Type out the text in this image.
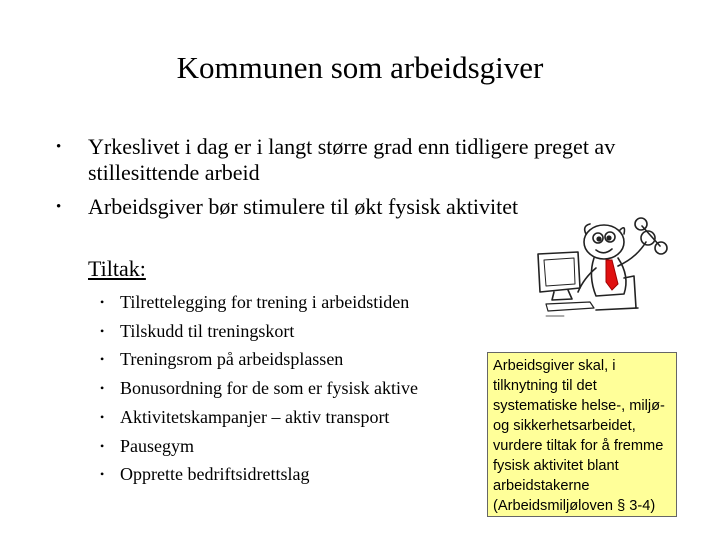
Kommunen som arbeidsgiver
• Yrkeslivet i dag er i langt større grad enn tidligere preget av stillesittende arbeid
• Arbeidsgiver bør stimulere til økt fysisk aktivitet
Tiltak:
• Tilrettelegging for trening i arbeidstiden
• Tilskudd til treningskort
• Treningsrom på arbeidsplassen
• Bonusordning for de som er fysisk aktive
• Aktivitetskampanjer – aktiv transport
• Pausegym
• Opprette bedriftsidrettslag
Arbeidsgiver skal, i tilknytning til det systematiske helse-, miljø- og sikkerhetsarbeidet, vurdere tiltak for å fremme fysisk aktivitet blant arbeidstakerne (Arbeidsmiljøloven § 3-4)
